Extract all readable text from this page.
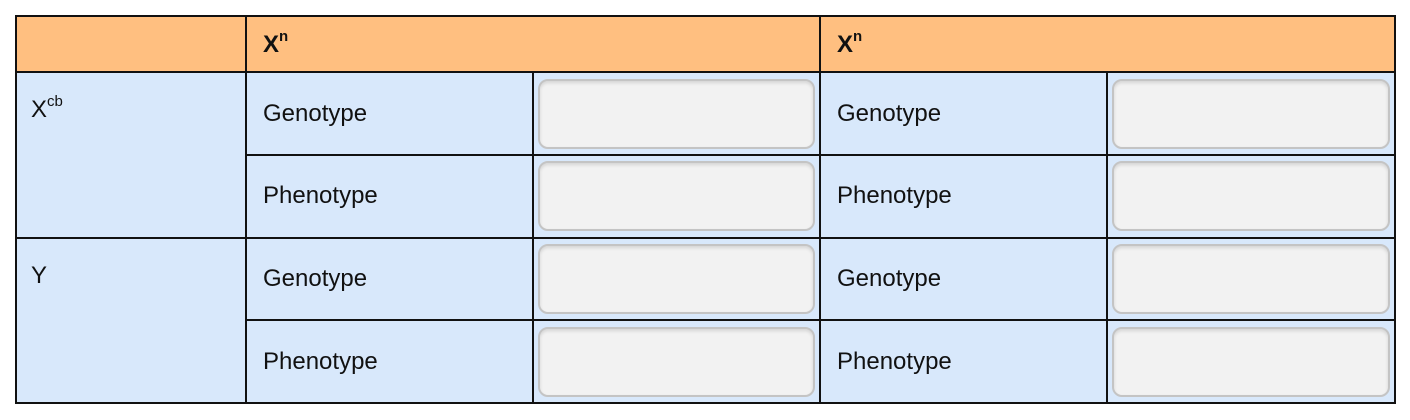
	$X^n$		$X^n$
$X^{cb}$	Genotype		Genotype	

	Phenotype		Phenotype	

Y	Genotype		Genotype	

	Phenotype		Phenotype	
